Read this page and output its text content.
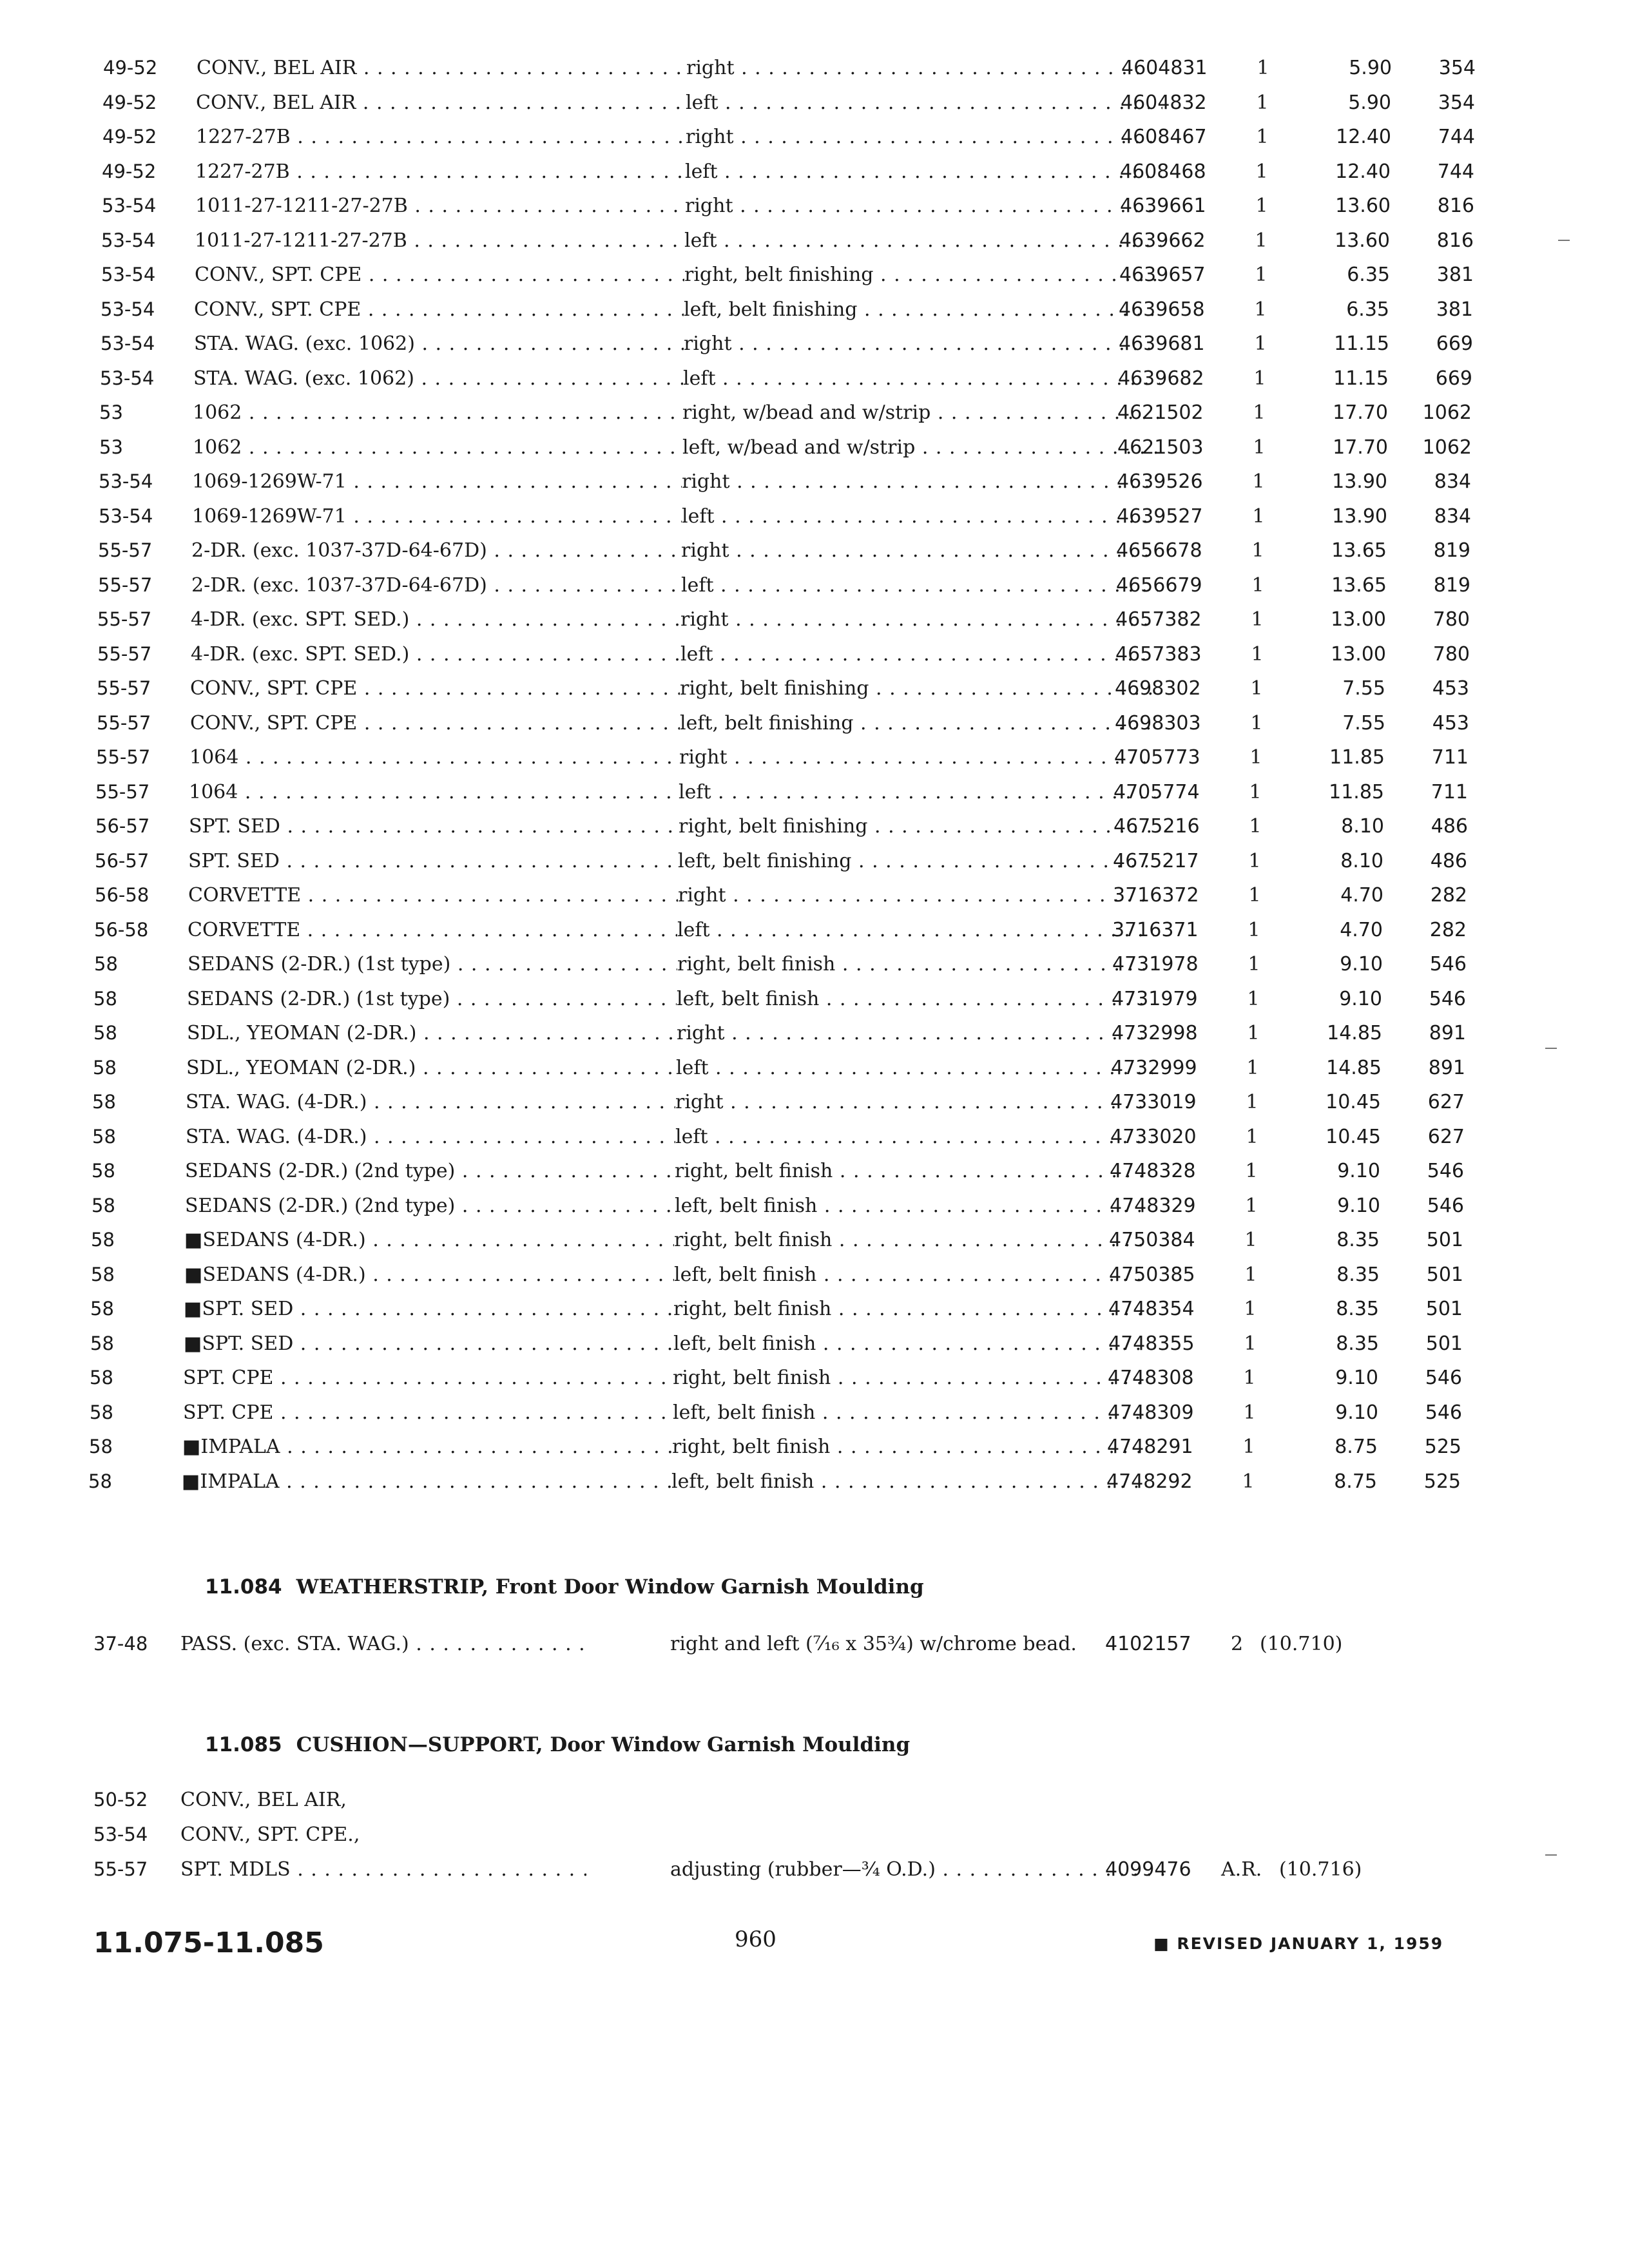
49-52	CONV., BEL AIR . . .	right . . .	4604831	1	5.90	354
49-52	CONV., BEL AIR . . .	left . . .	4604832	1	5.90	354
49-52	1227-27B . . .	right . . .	4608467	1	12.40	744
49-52	1227-27B . . .	left . . .	4608468	1	12.40	744
53-54	1011-27-1211-27-27B . . .	right . . .	4639661	1	13.60	816
53-54	1011-27-1211-27-27B . . .	left . . .	4639662	1	13.60	816
53-54	CONV., SPT. CPE . . .	right, belt finishing . . .	4639657	1	6.35	381
53-54	CONV., SPT. CPE . . .	left, belt finishing . . .	4639658	1	6.35	381
53-54	STA. WAG. (exc. 1062) . . .	right . . .	4639681	1	11.15	669
53-54	STA. WAG. (exc. 1062) . . .	left . . .	4639682	1	11.15	669
53	1062 . . .	right, w/bead and w/strip . . .	4621502	1	17.70	1062
53	1062 . . .	left, w/bead and w/strip . . .	4621503	1	17.70	1062
53-54	1069-1269W-71 . . .	right . . .	4639526	1	13.90	834
53-54	1069-1269W-71 . . .	left . . .	4639527	1	13.90	834
55-57	2-DR. (exc. 1037-37D-64-67D) . . .	right . . .	4656678	1	13.65	819
55-57	2-DR. (exc. 1037-37D-64-67D) . . .	left . . .	4656679	1	13.65	819
55-57	4-DR. (exc. SPT. SED.) . . .	right . . .	4657382	1	13.00	780
55-57	4-DR. (exc. SPT. SED.) . . .	left . . .	4657383	1	13.00	780
55-57	CONV., SPT. CPE . . .	right, belt finishing . . .	4698302	1	7.55	453
55-57	CONV., SPT. CPE . . .	left, belt finishing . . .	4698303	1	7.55	453
55-57	1064 . . .	right . . .	4705773	1	11.85	711
55-57	1064 . . .	left . . .	4705774	1	11.85	711
56-57	SPT. SED . . .	right, belt finishing . . .	4675216	1	8.10	486
56-57	SPT. SED . . .	left, belt finishing . . .	4675217	1	8.10	486
56-58	CORVETTE . . .	right . . .	3716372	1	4.70	282
56-58	CORVETTE . . .	left . . .	3716371	1	4.70	282
58	SEDANS (2-DR.) (1st type) . . .	right, belt finish . . .	4731978	1	9.10	546
58	SEDANS (2-DR.) (1st type) . . .	left, belt finish . . .	4731979	1	9.10	546
58	SDL., YEOMAN (2-DR.) . . .	right . . .	4732998	1	14.85	891
58	SDL., YEOMAN (2-DR.) . . .	left . . .	4732999	1	14.85	891
58	STA. WAG. (4-DR.) . . .	right . . .	4733019	1	10.45	627
58	STA. WAG. (4-DR.) . . .	left . . .	4733020	1	10.45	627
58	SEDANS (2-DR.) (2nd type) . . .	right, belt finish . . .	4748328	1	9.10	546
58	SEDANS (2-DR.) (2nd type) . . .	left, belt finish . . .	4748329	1	9.10	546
58	■SEDANS (4-DR.) . . .	right, belt finish . . .	4750384	1	8.35	501
58	■SEDANS (4-DR.) . . .	left, belt finish . . .	4750385	1	8.35	501
58	■SPT. SED . . .	right, belt finish . . .	4748354	1	8.35	501
58	■SPT. SED . . .	left, belt finish . . .	4748355	1	8.35	501
58	SPT. CPE . . .	right, belt finish . . .	4748308	1	9.10	546
58	SPT. CPE . . .	left, belt finish . . .	4748309	1	9.10	546
58	■IMPALA . . .	right, belt finish . . .	4748291	1	8.75	525
58	■IMPALA . . .	left, belt finish . . .	4748292	1	8.75	525
11.084 WEATHERSTRIP, Front Door Window Garnish Moulding
37-48 PASS. (exc. STA. WAG.) . . .	right and left (⁷⁄₁₆ x 35¾) w/chrome bead.	4102157 2 (10.710)
11.085 CUSHION—SUPPORT, Door Window Garnish Moulding
50-52 CONV., BEL AIR,
53-54 CONV., SPT. CPE.,
55-57 SPT. MDLS . . .	adjusting (rubber—¾ O.D.) . . .	4099476 A.R. (10.716)
11.075-11.085	960	■ REVISED JANUARY 1, 1959
